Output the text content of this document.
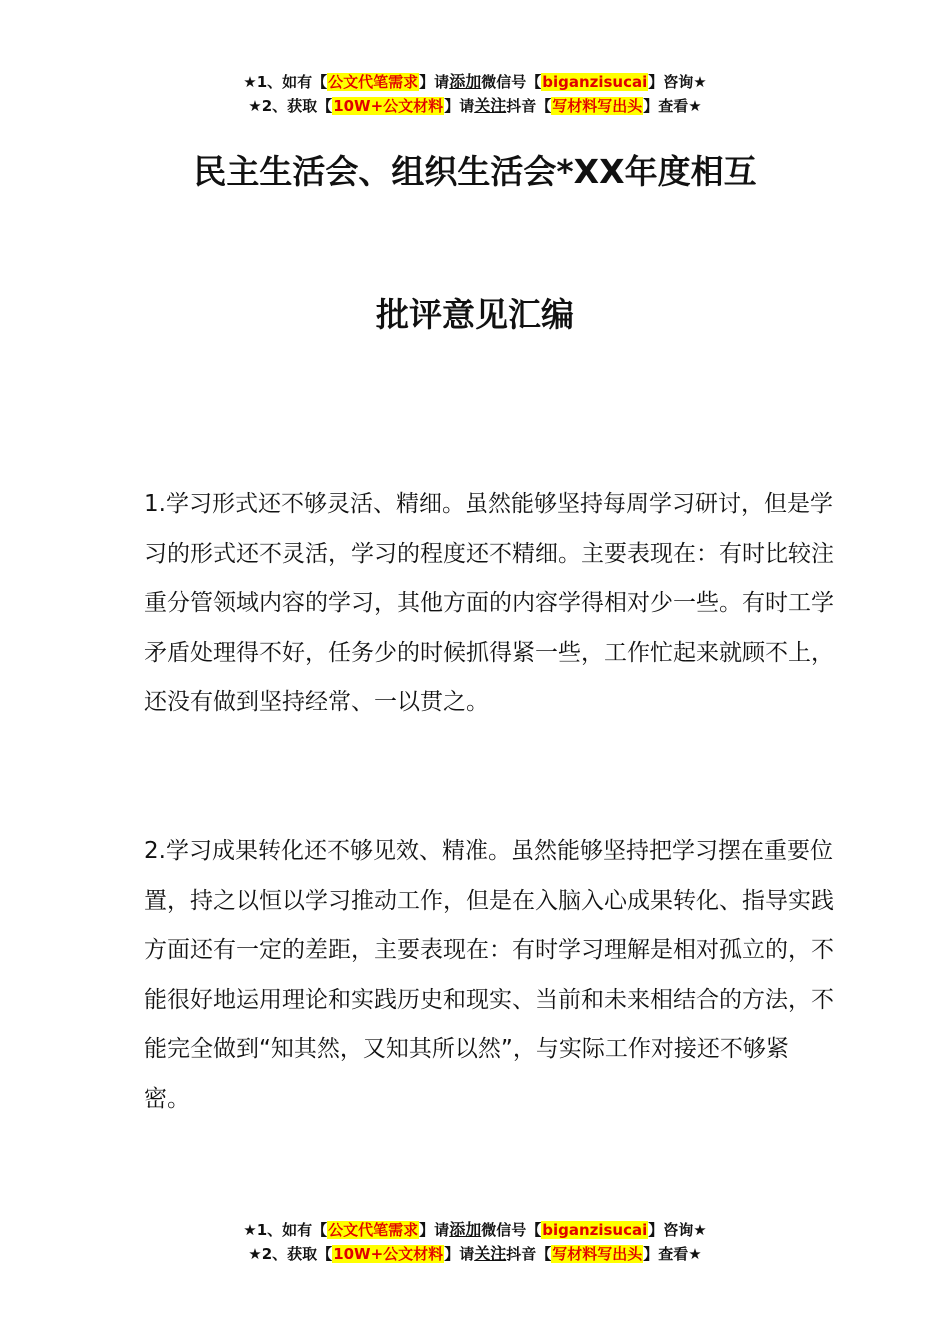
★1、如有【公文代笔需求】请添加微信号【biganzisucai】咨询★
★2、获取【10W+公文材料】请关注抖音【写材料写出头】查看★
民主生活会、组织生活会*XX年度相互
批评意见汇编

1.学习形式还不够灵活、精细。虽然能够坚持每周学习研讨，但是学习的形式还不灵活，学习的程度还不精细。主要表现在：有时比较注重分管领域内容的学习，其他方面的内容学得相对少一些。有时工学矛盾处理得不好，任务少的时候抓得紧一些，工作忙起来就顾不上，还没有做到坚持经常、一以贯之。

2.学习成果转化还不够见效、精准。虽然能够坚持把学习摆在重要位置，持之以恒以学习推动工作，但是在入脑入心成果转化、指导实践方面还有一定的差距，主要表现在：有时学习理解是相对孤立的，不能很好地运用理论和实践历史和现实、当前和未来相结合的方法，不能完全做到“知其然，又知其所以然”，与实际工作对接还不够紧密。

★1、如有【公文代笔需求】请添加微信号【biganzisucai】咨询★
★2、获取【10W+公文材料】请关注抖音【写材料写出头】查看★
